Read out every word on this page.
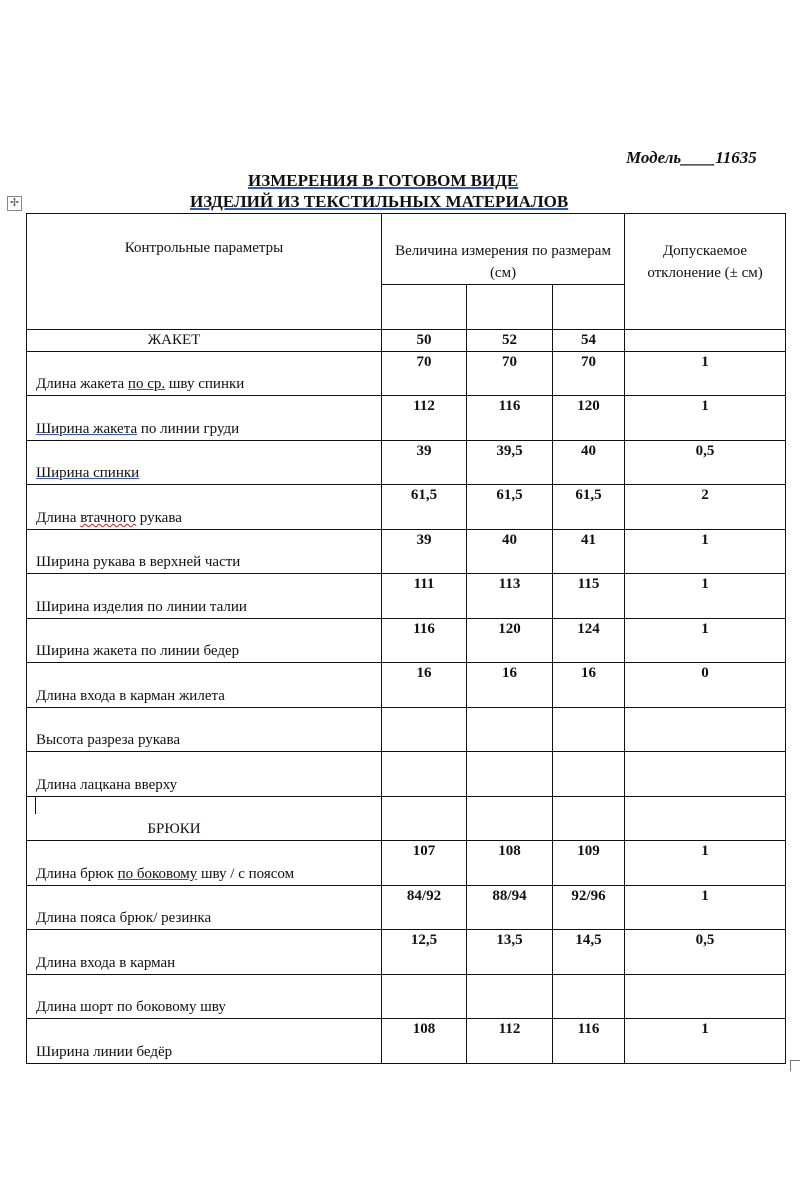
Модель____11635
ИЗМЕРЕНИЯ В ГОТОВОМ ВИДЕ
ИЗДЕЛИЙ ИЗ ТЕКСТИЛЬНЫХ МАТЕРИАЛОВ
✢
Контрольные параметры	Величина измерения по размерам (см)			Допускаемое отклонение (± см)

ЖАКЕТ	50	52	54	
Длина жакета по ср. шву спинки	70	70	70	1
Ширина жакета по линии груди	112	116	120	1
Ширина спинки	39	39,5	40	0,5
Длина втачного рукава	61,5	61,5	61,5	2
Ширина рукава в верхней части	39	40	41	1
Ширина изделия по линии талии	111	113	115	1
Ширина жакета по линии бедер	116	120	124	1
Длина входа в карман жилета	16	16	16	0
Высота разреза рукава				
Длина лацкана вверху				
БРЮКИ				
Длина брюк по боковому шву / с поясом	107	108	109	1
Длина пояса брюк/ резинка	84/92	88/94	92/96	1
Длина входа в карман	12,5	13,5	14,5	0,5
Длина шорт по боковому шву				
Ширина линии бедёр	108	112	116	1
